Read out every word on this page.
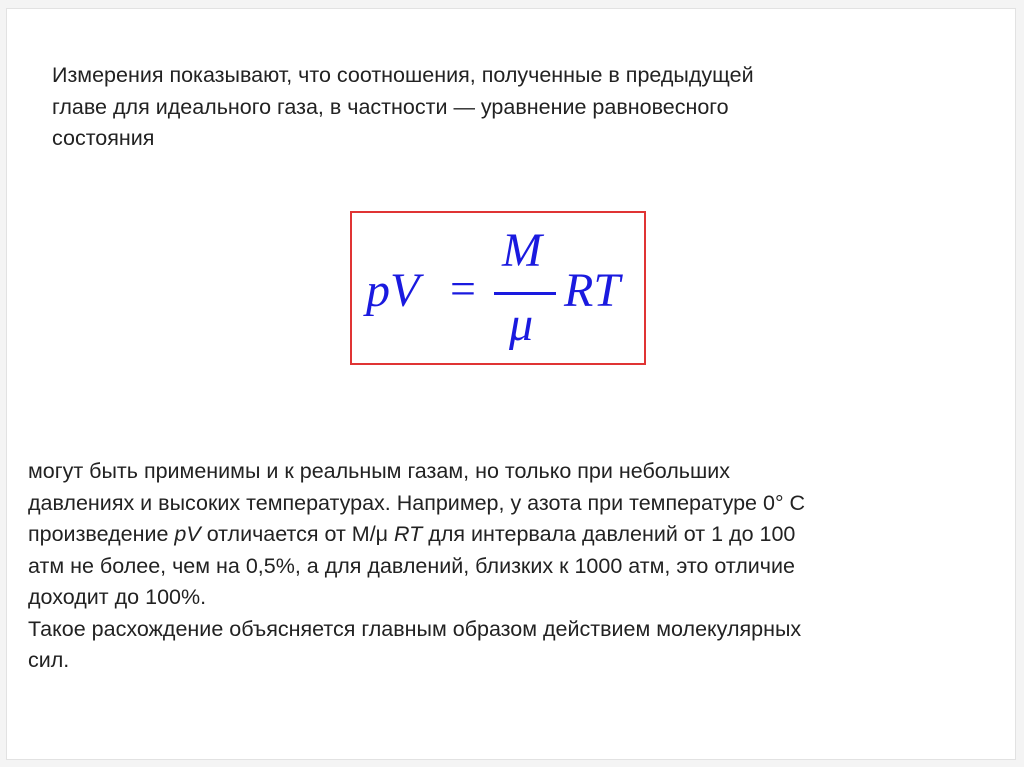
Измерения показывают, что соотношения, полученные в предыдущей
главе для идеального газа, в частности — уравнение равновесного
состояния

pV =
M
μ
RT

могут быть применимы и к реальным газам, но только при небольших
давлениях и высоких температурах. Например, у азота при температуре 0° С
произведение pV отличается от М/μ RT для интервала давлений от 1 до 100
атм не более, чем на 0,5%, а для давлений, близких к 1000 атм, это отличие
доходит до 100%.
Такое расхождение объясняется главным образом действием молекулярных
сил.
